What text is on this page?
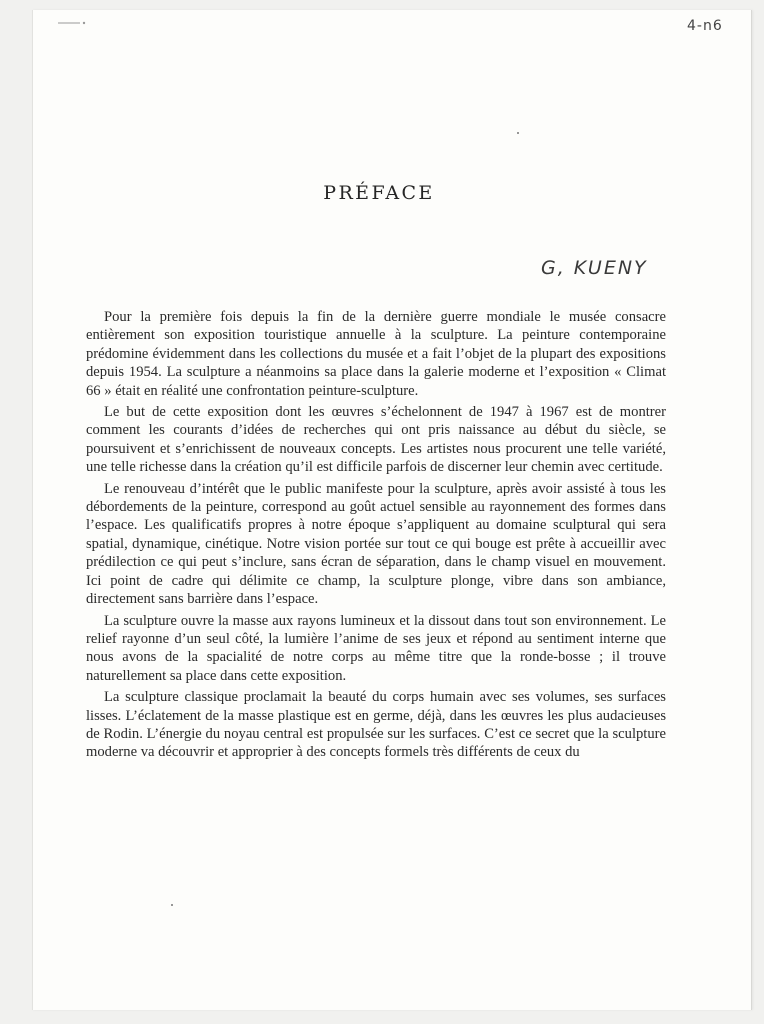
4-n6
PRÉFACE
G, KUENY

Pour la première fois depuis la fin de la dernière guerre mondiale le musée consacre entièrement son exposition touristique annuelle à la sculpture. La peinture contemporaine prédomine évidemment dans les collections du musée et a fait l’objet de la plupart des expositions depuis 1954. La sculpture a néanmoins sa place dans la galerie moderne et l’exposition « Climat 66 » était en réalité une confrontation peinture-sculpture.

Le but de cette exposition dont les œuvres s’échelonnent de 1947 à 1967 est de montrer comment les courants d’idées de recherches qui ont pris naissance au début du siècle, se poursuivent et s’enrichissent de nouveaux concepts. Les artistes nous procurent une telle variété, une telle richesse dans la création qu’il est difficile parfois de discerner leur chemin avec certitude.

Le renouveau d’intérêt que le public manifeste pour la sculpture, après avoir assisté à tous les débordements de la peinture, correspond au goût actuel sensible au rayonnement des formes dans l’espace. Les qualificatifs propres à notre époque s’appliquent au domaine sculptural qui sera spatial, dynamique, cinétique. Notre vision portée sur tout ce qui bouge est prête à accueillir avec prédilection ce qui peut s’inclure, sans écran de séparation, dans le champ visuel en mouvement. Ici point de cadre qui délimite ce champ, la sculpture plonge, vibre dans son ambiance, directement sans barrière dans l’espace.

La sculpture ouvre la masse aux rayons lumineux et la dissout dans tout son environnement. Le relief rayonne d’un seul côté, la lumière l’anime de ses jeux et répond au sentiment interne que nous avons de la spacialité de notre corps au même titre que la ronde-bosse ; il trouve naturellement sa place dans cette exposition.

La sculpture classique proclamait la beauté du corps humain avec ses volumes, ses surfaces lisses. L’éclatement de la masse plastique est en germe, déjà, dans les œuvres les plus audacieuses de Rodin. L’énergie du noyau central est propulsée sur les surfaces. C’est ce secret que la sculpture moderne va découvrir et approprier à des concepts formels très différents de ceux du
